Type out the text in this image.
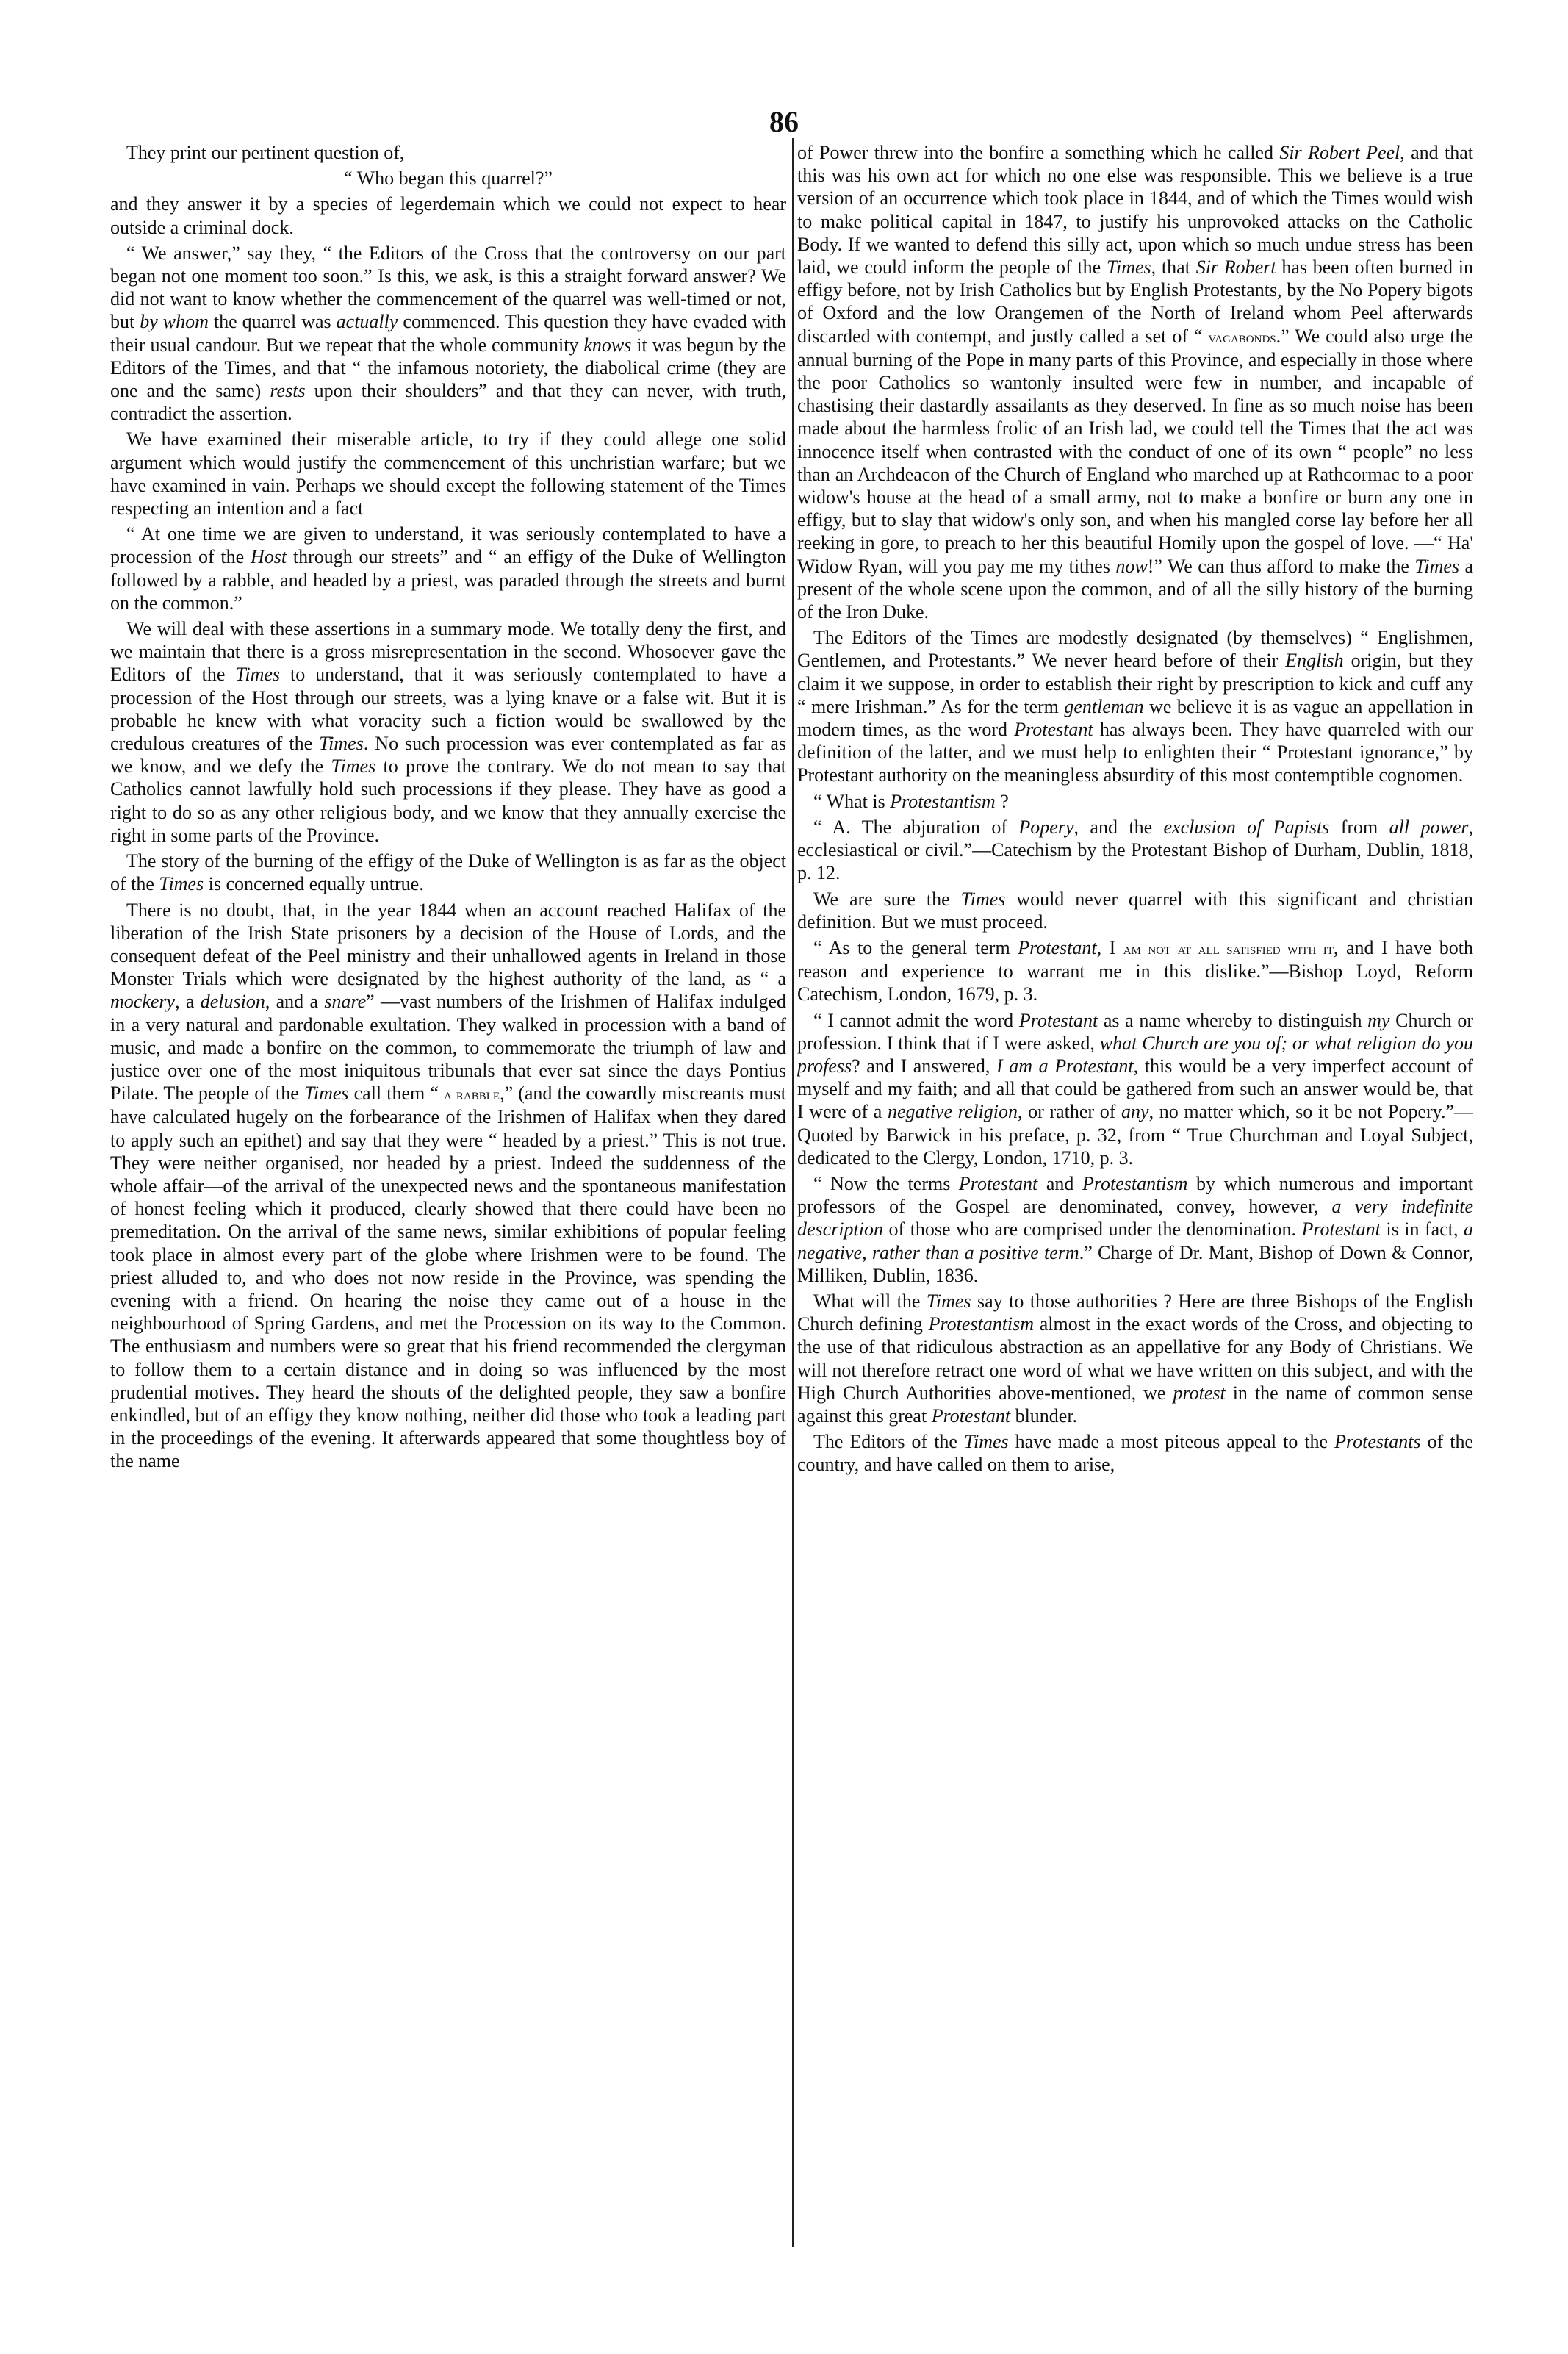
86

They print our pertinent question of,

“ Who began this quarrel?”

and they answer it by a species of legerdemain which we could not expect to hear outside a criminal dock.

“ We answer,” say they, “ the Editors of the Cross that the controversy on our part began not one moment too soon.” Is this, we ask, is this a straight forward answer? We did not want to know whether the commencement of the quarrel was well-timed or not, but by whom the quarrel was actually commenced. This question they have evaded with their usual candour. But we repeat that the whole community knows it was begun by the Editors of the Times, and that “ the infamous notoriety, the diabolical crime (they are one and the same) rests upon their shoulders” and that they can never, with truth, contradict the assertion.

We have examined their miserable article, to try if they could allege one solid argument which would justify the commencement of this unchristian warfare; but we have examined in vain. Perhaps we should except the following statement of the Times respecting an intention and a fact

“ At one time we are given to understand, it was seriously contemplated to have a procession of the Host through our streets” and “ an effigy of the Duke of Wellington followed by a rabble, and headed by a priest, was paraded through the streets and burnt on the common.”

We will deal with these assertions in a summary mode. We totally deny the first, and we maintain that there is a gross misrepresentation in the second. Whosoever gave the Editors of the Times to understand, that it was seriously contemplated to have a procession of the Host through our streets, was a lying knave or a false wit. But it is probable he knew with what voracity such a fiction would be swallowed by the credulous creatures of the Times. No such procession was ever contemplated as far as we know, and we defy the Times to prove the contrary. We do not mean to say that Catholics cannot lawfully hold such processions if they please. They have as good a right to do so as any other religious body, and we know that they annually exercise the right in some parts of the Province.

The story of the burning of the effigy of the Duke of Wellington is as far as the object of the Times is concerned equally untrue.

There is no doubt, that, in the year 1844 when an account reached Halifax of the liberation of the Irish State prisoners by a decision of the House of Lords, and the consequent defeat of the Peel ministry and their unhallowed agents in Ireland in those Monster Trials which were designated by the highest authority of the land, as “ a mockery, a delusion, and a snare” —vast numbers of the Irishmen of Halifax indulged in a very natural and pardonable exultation. They walked in procession with a band of music, and made a bonfire on the common, to commemorate the triumph of law and justice over one of the most iniquitous tribunals that ever sat since the days Pontius Pilate. The people of the Times call them “ a rabble,” (and the cowardly miscreants must have calculated hugely on the forbearance of the Irishmen of Halifax when they dared to apply such an epithet) and say that they were “ headed by a priest.” This is not true. They were neither organised, nor headed by a priest. Indeed the suddenness of the whole affair—of the arrival of the unexpected news and the spontaneous manifestation of honest feeling which it produced, clearly showed that there could have been no premeditation. On the arrival of the same news, similar exhibitions of popular feeling took place in almost every part of the globe where Irishmen were to be found. The priest alluded to, and who does not now reside in the Province, was spending the evening with a friend. On hearing the noise they came out of a house in the neighbourhood of Spring Gardens, and met the Procession on its way to the Common. The enthusiasm and numbers were so great that his friend recommended the clergyman to follow them to a certain distance and in doing so was influenced by the most prudential motives. They heard the shouts of the delighted people, they saw a bonfire enkindled, but of an effigy they know nothing, neither did those who took a leading part in the proceedings of the evening. It afterwards appeared that some thoughtless boy of the name

of Power threw into the bonfire a something which he called Sir Robert Peel, and that this was his own act for which no one else was responsible. This we believe is a true version of an occurrence which took place in 1844, and of which the Times would wish to make political capital in 1847, to justify his unprovoked attacks on the Catholic Body. If we wanted to defend this silly act, upon which so much undue stress has been laid, we could inform the people of the Times, that Sir Robert has been often burned in effigy before, not by Irish Catholics but by English Protestants, by the No Popery bigots of Oxford and the low Orangemen of the North of Ireland whom Peel afterwards discarded with contempt, and justly called a set of “ vagabonds.” We could also urge the annual burning of the Pope in many parts of this Province, and especially in those where the poor Catholics so wantonly insulted were few in number, and incapable of chastising their dastardly assailants as they deserved. In fine as so much noise has been made about the harmless frolic of an Irish lad, we could tell the Times that the act was innocence itself when contrasted with the conduct of one of its own “ people” no less than an Archdeacon of the Church of England who marched up at Rathcormac to a poor widow's house at the head of a small army, not to make a bonfire or burn any one in effigy, but to slay that widow's only son, and when his mangled corse lay before her all reeking in gore, to preach to her this beautiful Homily upon the gospel of love. —“ Ha' Widow Ryan, will you pay me my tithes now!” We can thus afford to make the Times a present of the whole scene upon the common, and of all the silly history of the burning of the Iron Duke.

The Editors of the Times are modestly designated (by themselves) “ Englishmen, Gentlemen, and Protestants.” We never heard before of their English origin, but they claim it we suppose, in order to establish their right by prescription to kick and cuff any “ mere Irishman.” As for the term gentleman we believe it is as vague an appellation in modern times, as the word Protestant has always been. They have quarreled with our definition of the latter, and we must help to enlighten their “ Protestant ignorance,” by Protestant authority on the meaningless absurdity of this most contemptible cognomen.

“ What is Protestantism ?

“ A. The abjuration of Popery, and the exclusion of Papists from all power, ecclesiastical or civil.”—Catechism by the Protestant Bishop of Durham, Dublin, 1818, p. 12.

We are sure the Times would never quarrel with this significant and christian definition. But we must proceed.

“ As to the general term Protestant, I am not at all satisfied with it, and I have both reason and experience to warrant me in this dislike.”—Bishop Loyd, Reform Catechism, London, 1679, p. 3.

“ I cannot admit the word Protestant as a name whereby to distinguish my Church or profession. I think that if I were asked, what Church are you of; or what religion do you profess? and I answered, I am a Protestant, this would be a very imperfect account of myself and my faith; and all that could be gathered from such an answer would be, that I were of a negative religion, or rather of any, no matter which, so it be not Popery.”—Quoted by Barwick in his preface, p. 32, from “ True Churchman and Loyal Subject, dedicated to the Clergy, London, 1710, p. 3.

“ Now the terms Protestant and Protestantism by which numerous and important professors of the Gospel are denominated, convey, however, a very indefinite description of those who are comprised under the denomination. Protestant is in fact, a negative, rather than a positive term.” Charge of Dr. Mant, Bishop of Down & Connor, Milliken, Dublin, 1836.

What will the Times say to those authorities ? Here are three Bishops of the English Church defining Protestantism almost in the exact words of the Cross, and objecting to the use of that ridiculous abstraction as an appellative for any Body of Christians. We will not therefore retract one word of what we have written on this subject, and with the High Church Authorities above-mentioned, we protest in the name of common sense against this great Protestant blunder.

The Editors of the Times have made a most piteous appeal to the Protestants of the country, and have called on them to arise,
